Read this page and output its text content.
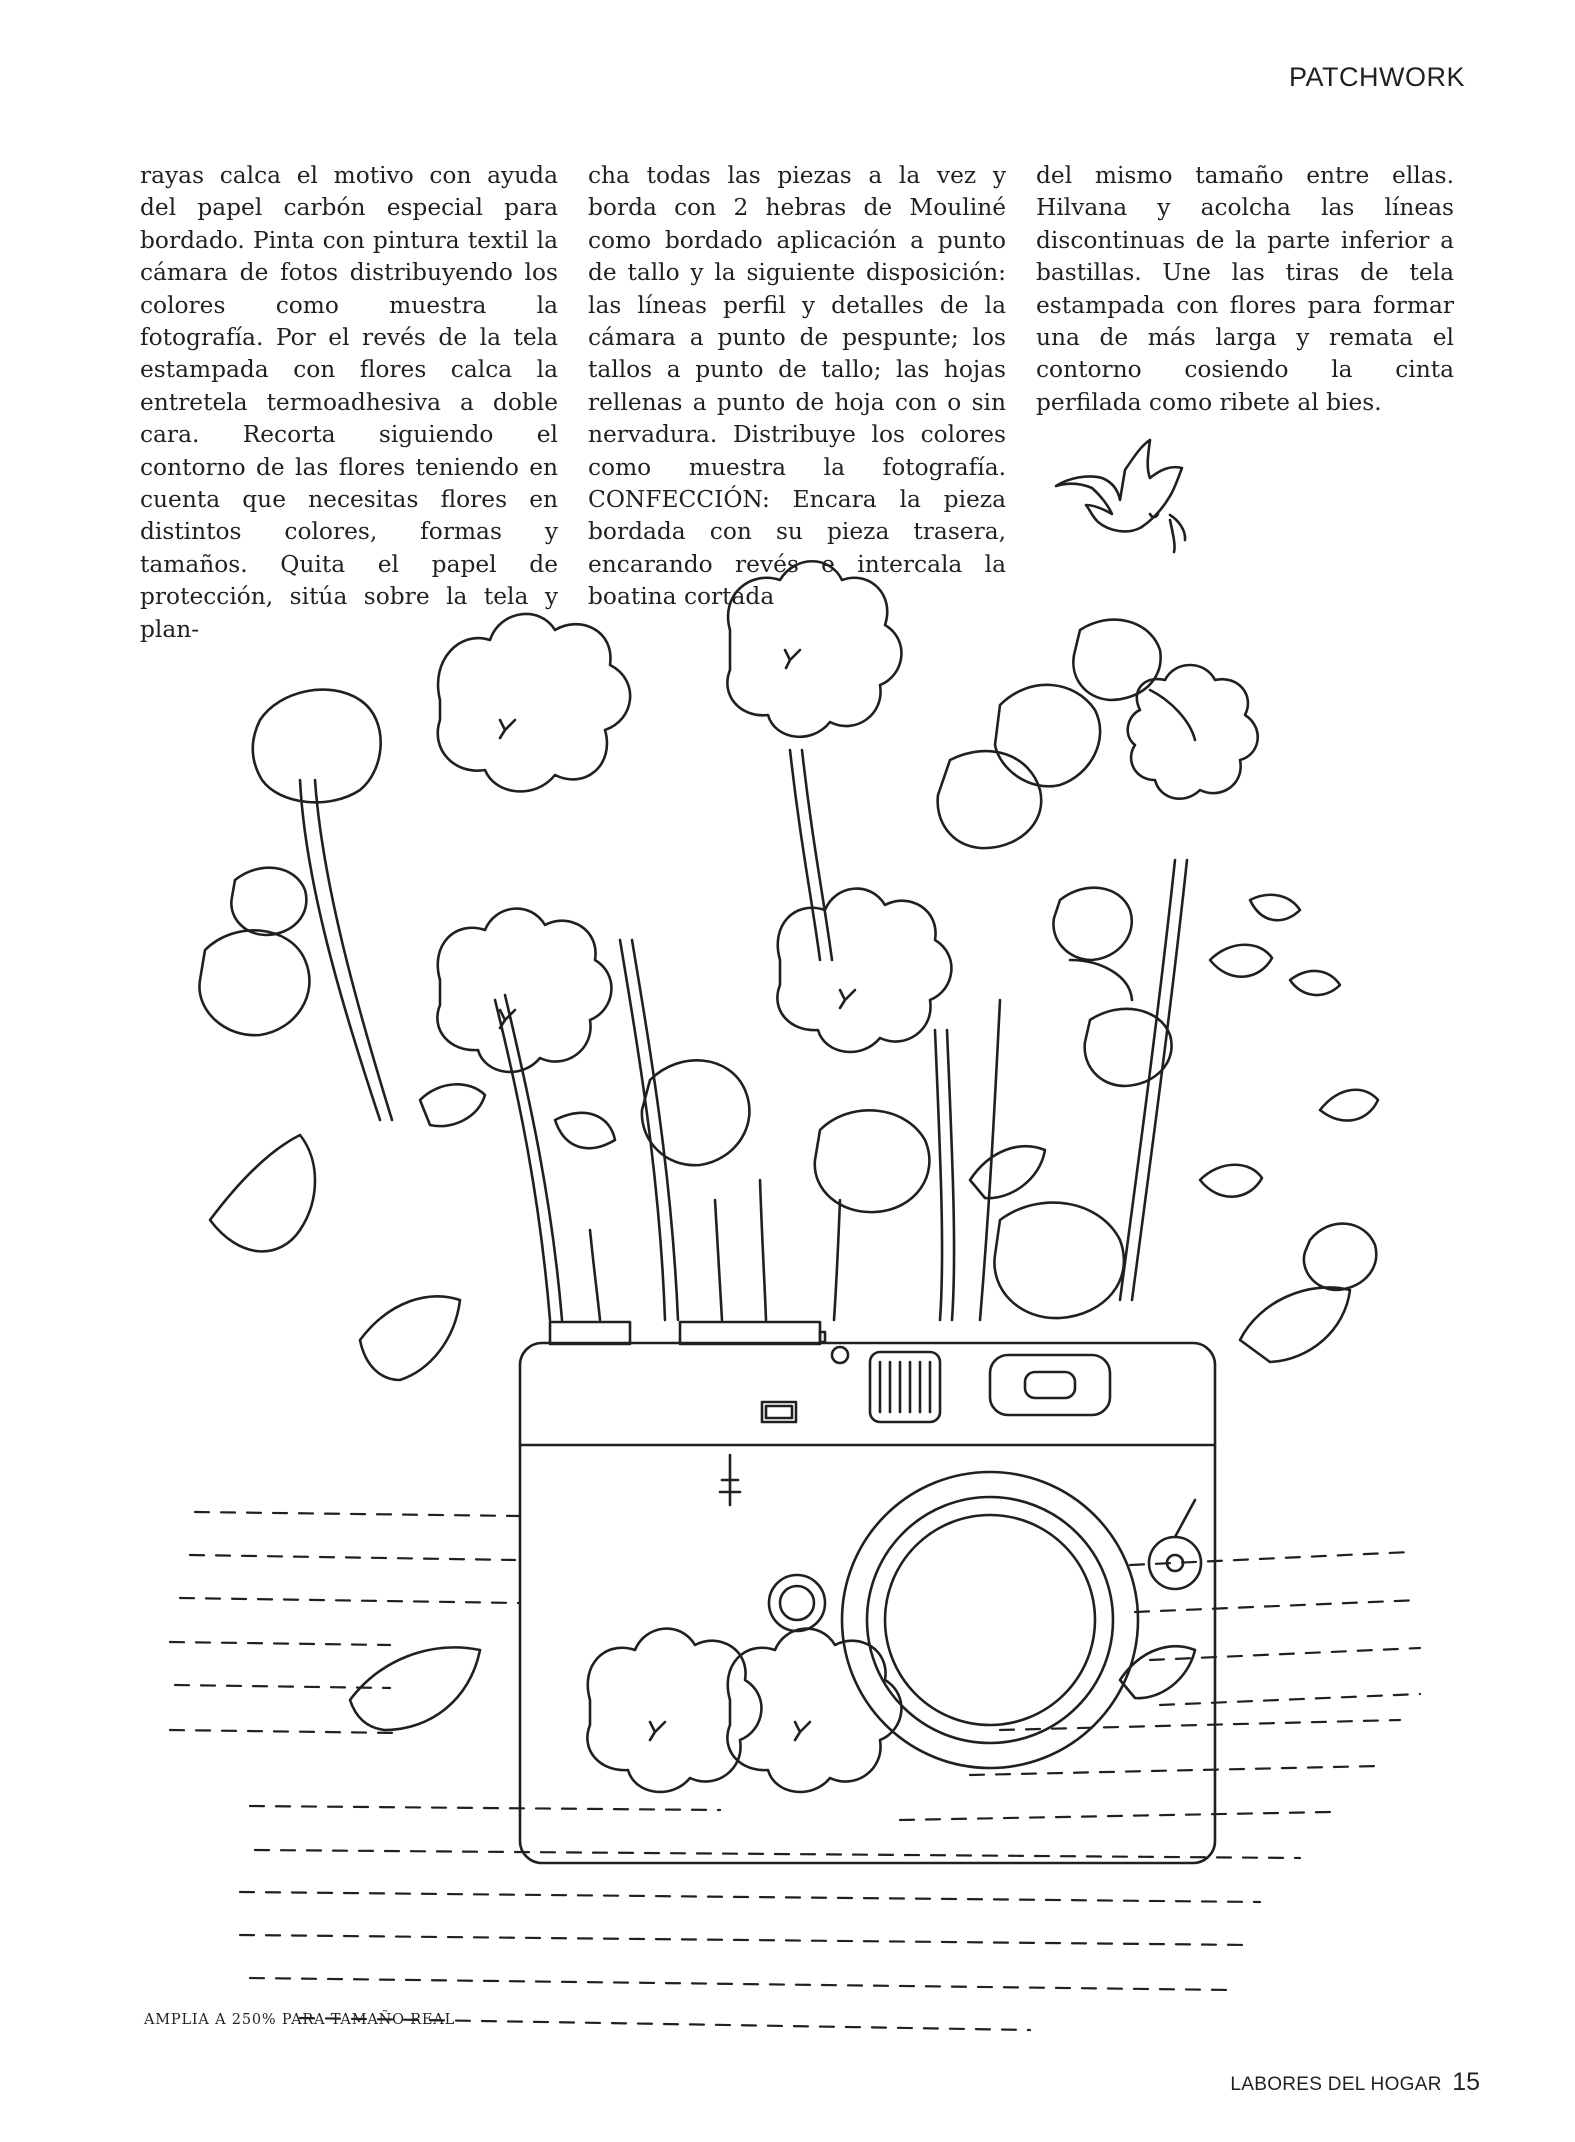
PATCHWORK

rayas calca el motivo con ayuda del papel carbón especial para bordado. Pinta con pintura textil la cámara de fotos distribuyendo los colores como muestra la fotografía. Por el revés de la tela estampada con flores calca la entretela termoadhesiva a doble cara. Recorta siguiendo el contorno de las flores teniendo en cuenta que necesitas flores en distintos colores, formas y tamaños. Quita el papel de protección, sitúa sobre la tela y plan-

cha todas las piezas a la vez y borda con 2 hebras de Mouliné como bordado aplicación a punto de tallo y la siguiente disposición: las líneas perfil y detalles de la cámara a punto de pespunte; los tallos a punto de tallo; las hojas rellenas a punto de hoja con o sin nervadura. Distribuye los colores como muestra la fotografía. CONFECCIÓN: Encara la pieza bordada con su pieza trasera, encarando revés e intercala la boatina cortada

del mismo tamaño entre ellas. Hilvana y acolcha las líneas discontinuas de la parte inferior a bastillas. Une las tiras de tela estampada con flores para formar una de más larga y remata el contorno cosiendo la cinta perfilada como ribete al bies.

AMPLIA A 250% PARA TAMAÑO REAL
LABORES DEL HOGAR 15
